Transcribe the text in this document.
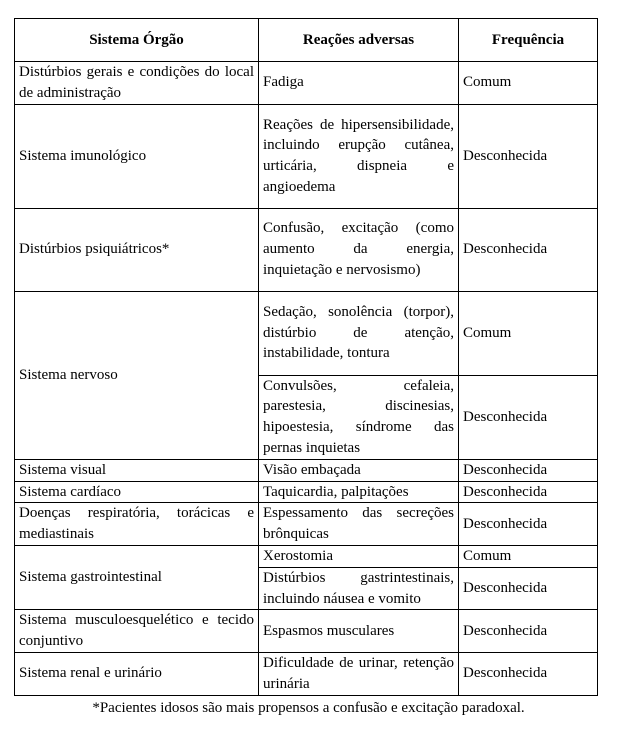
Sistema Órgão	Reações adversas	Frequência
Distúrbios gerais e condições do local de administração	Fadiga	Comum
Sistema imunológico	Reações de hipersensibilidade, incluindo erupção cutânea, urticária, dispneia e angioedema	Desconhecida
Distúrbios psiquiátricos*	Confusão, excitação (como aumento da energia, inquietação e nervosismo)	Desconhecida
Sistema nervoso	Sedação, sonolência (torpor), distúrbio de atenção, instabilidade, tontura	Comum
	Convulsões, cefaleia, parestesia, discinesias, hipoestesia, síndrome das pernas inquietas	Desconhecida
Sistema visual	Visão embaçada	Desconhecida
Sistema cardíaco	Taquicardia, palpitações	Desconhecida
Doenças respiratória, torácicas e mediastinais	Espessamento das secreções brônquicas	Desconhecida
Sistema gastrointestinal	Xerostomia	Comum
	Distúrbios gastrintestinais, incluindo náusea e vomito	Desconhecida
Sistema musculoesquelético e tecido conjuntivo	Espasmos musculares	Desconhecida
Sistema renal e urinário	Dificuldade de urinar, retenção urinária	Desconhecida
*Pacientes idosos são mais propensos a confusão e excitação paradoxal.
